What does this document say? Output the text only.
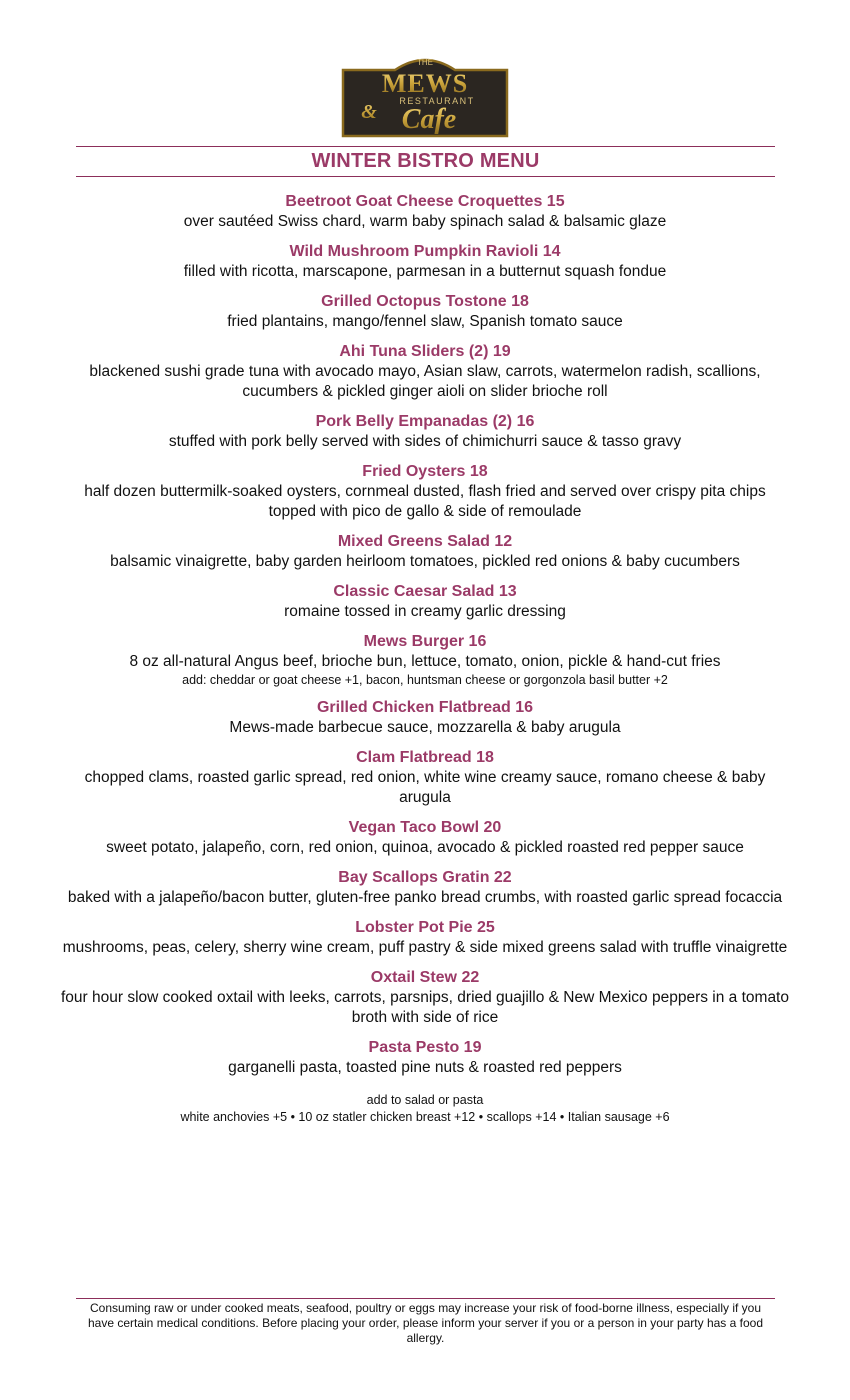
THE
MEWS
RESTAURANT
& Cafe
WINTER BISTRO MENU
Beetroot Goat Cheese Croquettes 15
over sautéed Swiss chard, warm baby spinach salad & balsamic glaze
Wild Mushroom Pumpkin Ravioli 14
filled with ricotta, marscapone, parmesan in a butternut squash fondue
Grilled Octopus Tostone 18
fried plantains, mango/fennel slaw, Spanish tomato sauce
Ahi Tuna Sliders (2) 19
blackened sushi grade tuna with avocado mayo, Asian slaw, carrots, watermelon radish, scallions, cucumbers & pickled ginger aioli on slider brioche roll
Pork Belly Empanadas (2) 16
stuffed with pork belly served with sides of chimichurri sauce & tasso gravy
Fried Oysters 18
half dozen buttermilk-soaked oysters, cornmeal dusted, flash fried and served over crispy pita chips topped with pico de gallo & side of remoulade
Mixed Greens Salad 12
balsamic vinaigrette, baby garden heirloom tomatoes, pickled red onions & baby cucumbers
Classic Caesar Salad 13
romaine tossed in creamy garlic dressing
Mews Burger 16
8 oz all-natural Angus beef, brioche bun, lettuce, tomato, onion, pickle & hand-cut fries
add: cheddar or goat cheese +1, bacon, huntsman cheese or gorgonzola basil butter +2
Grilled Chicken Flatbread 16
Mews-made barbecue sauce, mozzarella & baby arugula
Clam Flatbread 18
chopped clams, roasted garlic spread, red onion, white wine creamy sauce, romano cheese & baby arugula
Vegan Taco Bowl 20
sweet potato, jalapeño, corn, red onion, quinoa, avocado & pickled roasted red pepper sauce
Bay Scallops Gratin 22
baked with a jalapeño/bacon butter, gluten-free panko bread crumbs, with roasted garlic spread focaccia
Lobster Pot Pie 25
mushrooms, peas, celery, sherry wine cream, puff pastry & side mixed greens salad with truffle vinaigrette
Oxtail Stew 22
four hour slow cooked oxtail with leeks, carrots, parsnips, dried guajillo & New Mexico peppers in a tomato broth with side of rice
Pasta Pesto 19
garganelli pasta, toasted pine nuts & roasted red peppers
add to salad or pasta
white anchovies +5 • 10 oz statler chicken breast +12 • scallops +14 • Italian sausage +6
Consuming raw or under cooked meats, seafood, poultry or eggs may increase your risk of food-borne illness, especially if you have certain medical conditions. Before placing your order, please inform your server if you or a person in your party has a food allergy.
